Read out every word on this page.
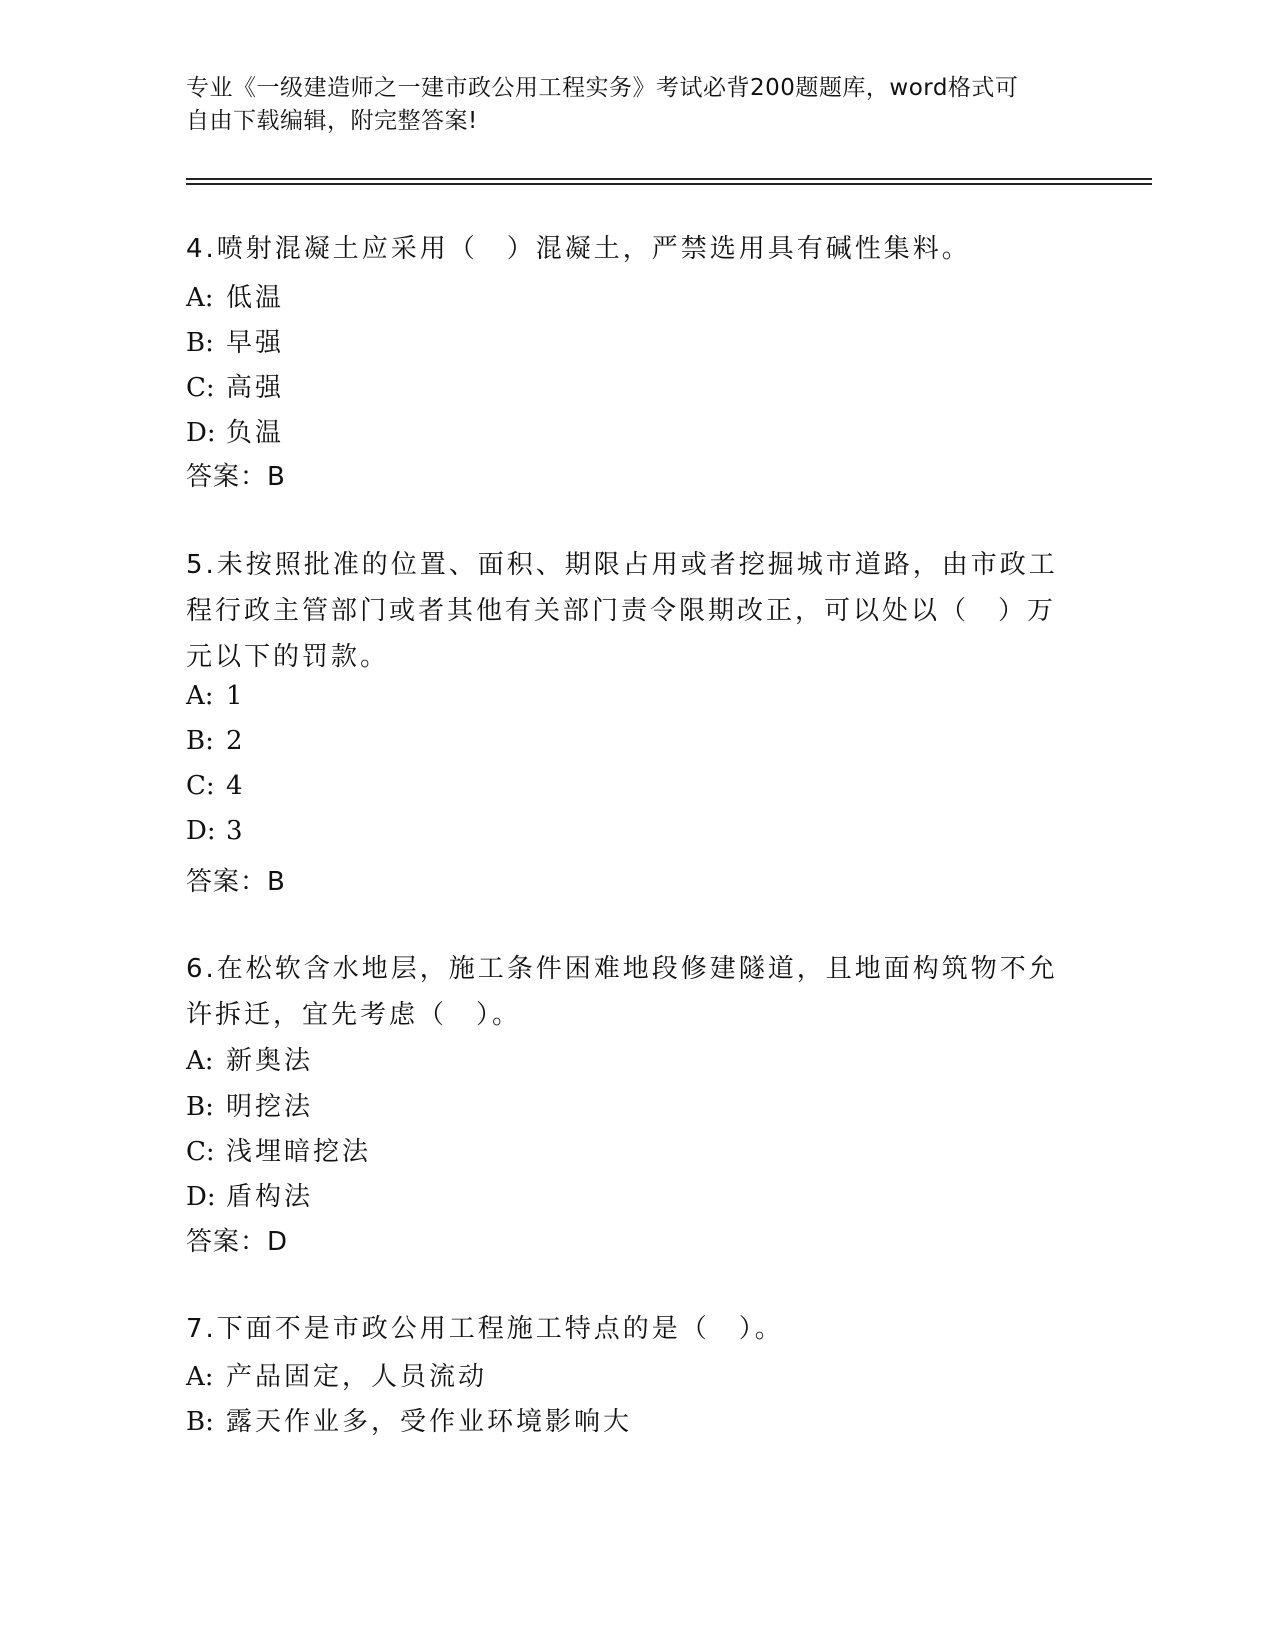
专业《一级建造师之一建市政公用工程实务》考试必背200题题库，word格式可
自由下载编辑，附完整答案!
4.喷射混凝土应采用（　）混凝土，严禁选用具有碱性集料。
A: 低温
B: 早强
C: 高强
D: 负温
答案：B
5.未按照批准的位置、面积、期限占用或者挖掘城市道路，由市政工程行政主管部门或者其他有关部门责令限期改正，可以处以（　）万元以下的罚款。
A: 1
B: 2
C: 4
D: 3
答案：B
6.在松软含水地层，施工条件困难地段修建隧道，且地面构筑物不允许拆迁，宜先考虑（　）。
A: 新奥法
B: 明挖法
C: 浅埋暗挖法
D: 盾构法
答案：D
7.下面不是市政公用工程施工特点的是（　）。
A: 产品固定，人员流动
B: 露天作业多，受作业环境影响大
